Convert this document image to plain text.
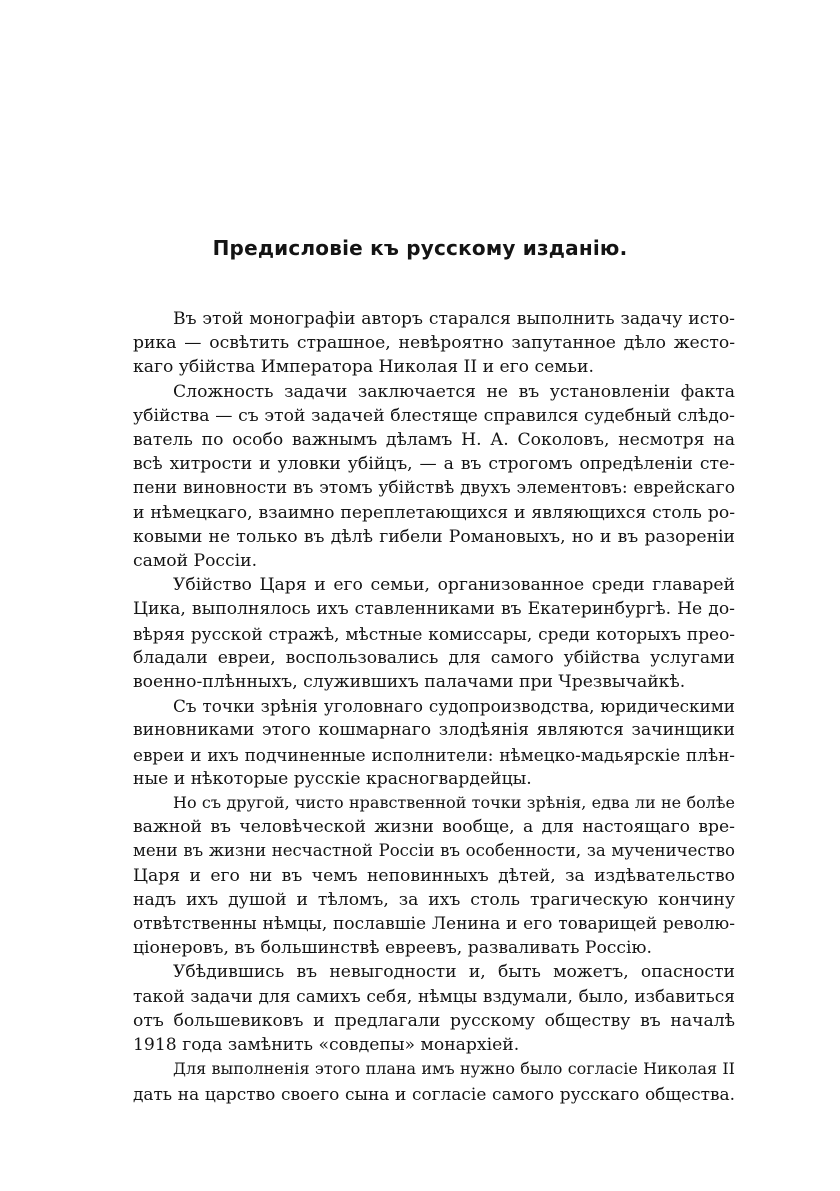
Предисловіе къ русскому изданію.

Въ этой монографіи авторъ старался выполнить задачу исто-
рика — освѣтить страшное, невѣроятно запутанное дѣло жесто-
каго убійства Императора Николая II и его семьи.

Сложность задачи заключается не въ установленіи факта
убійства — съ этой задачей блестяще справился судебный слѣдо-
ватель по особо важнымъ дѣламъ Н. А. Соколовъ, несмотря на
всѣ хитрости и уловки убійцъ, — а въ строгомъ опредѣленіи сте-
пени виновности въ этомъ убійствѣ двухъ элементовъ: еврейскаго
и нѣмецкаго, взаимно переплетающихся и являющихся столь ро-
ковыми не только въ дѣлѣ гибели Романовыхъ, но и въ разореніи
самой Россіи.

Убійство Царя и его семьи, организованное среди главарей
Цика, выполнялось ихъ ставленниками въ Екатеринбургѣ. Не до-
вѣряя русской стражѣ, мѣстные комиссары, среди которыхъ прео-
бладали евреи, воспользовались для самого убійства услугами
военно-плѣнныхъ, служившихъ палачами при Чрезвычайкѣ.

Съ точки зрѣнія уголовнаго судопроизводства, юридическими
виновниками этого кошмарнаго злодѣянія являются зачинщики
евреи и ихъ подчиненные исполнители: нѣмецко-мадьярскіе плѣн-
ные и нѣкоторые русскіе красногвардейцы.

Но съ другой, чисто нравственной точки зрѣнія, едва ли не болѣе
важной въ человѣческой жизни вообще, а для настоящаго вре-
мени въ жизни несчастной Россіи въ особенности, за мученичество
Царя и его ни въ чемъ неповинныхъ дѣтей, за издѣвательство
надъ ихъ душой и тѣломъ, за ихъ столь трагическую кончину
отвѣтственны нѣмцы, пославшіе Ленина и его товарищей револю-
ціонеровъ, въ большинствѣ евреевъ, разваливать Россію.

Убѣдившись въ невыгодности и, быть можетъ, опасности
такой задачи для самихъ себя, нѣмцы вздумали, было, избавиться
отъ большевиковъ и предлагали русскому обществу въ началѣ
1918 года замѣнить «совдепы» монархіей.

Для выполненія этого плана имъ нужно было согласіе Николая II
дать на царство своего сына и согласіе самого русскаго общества.
